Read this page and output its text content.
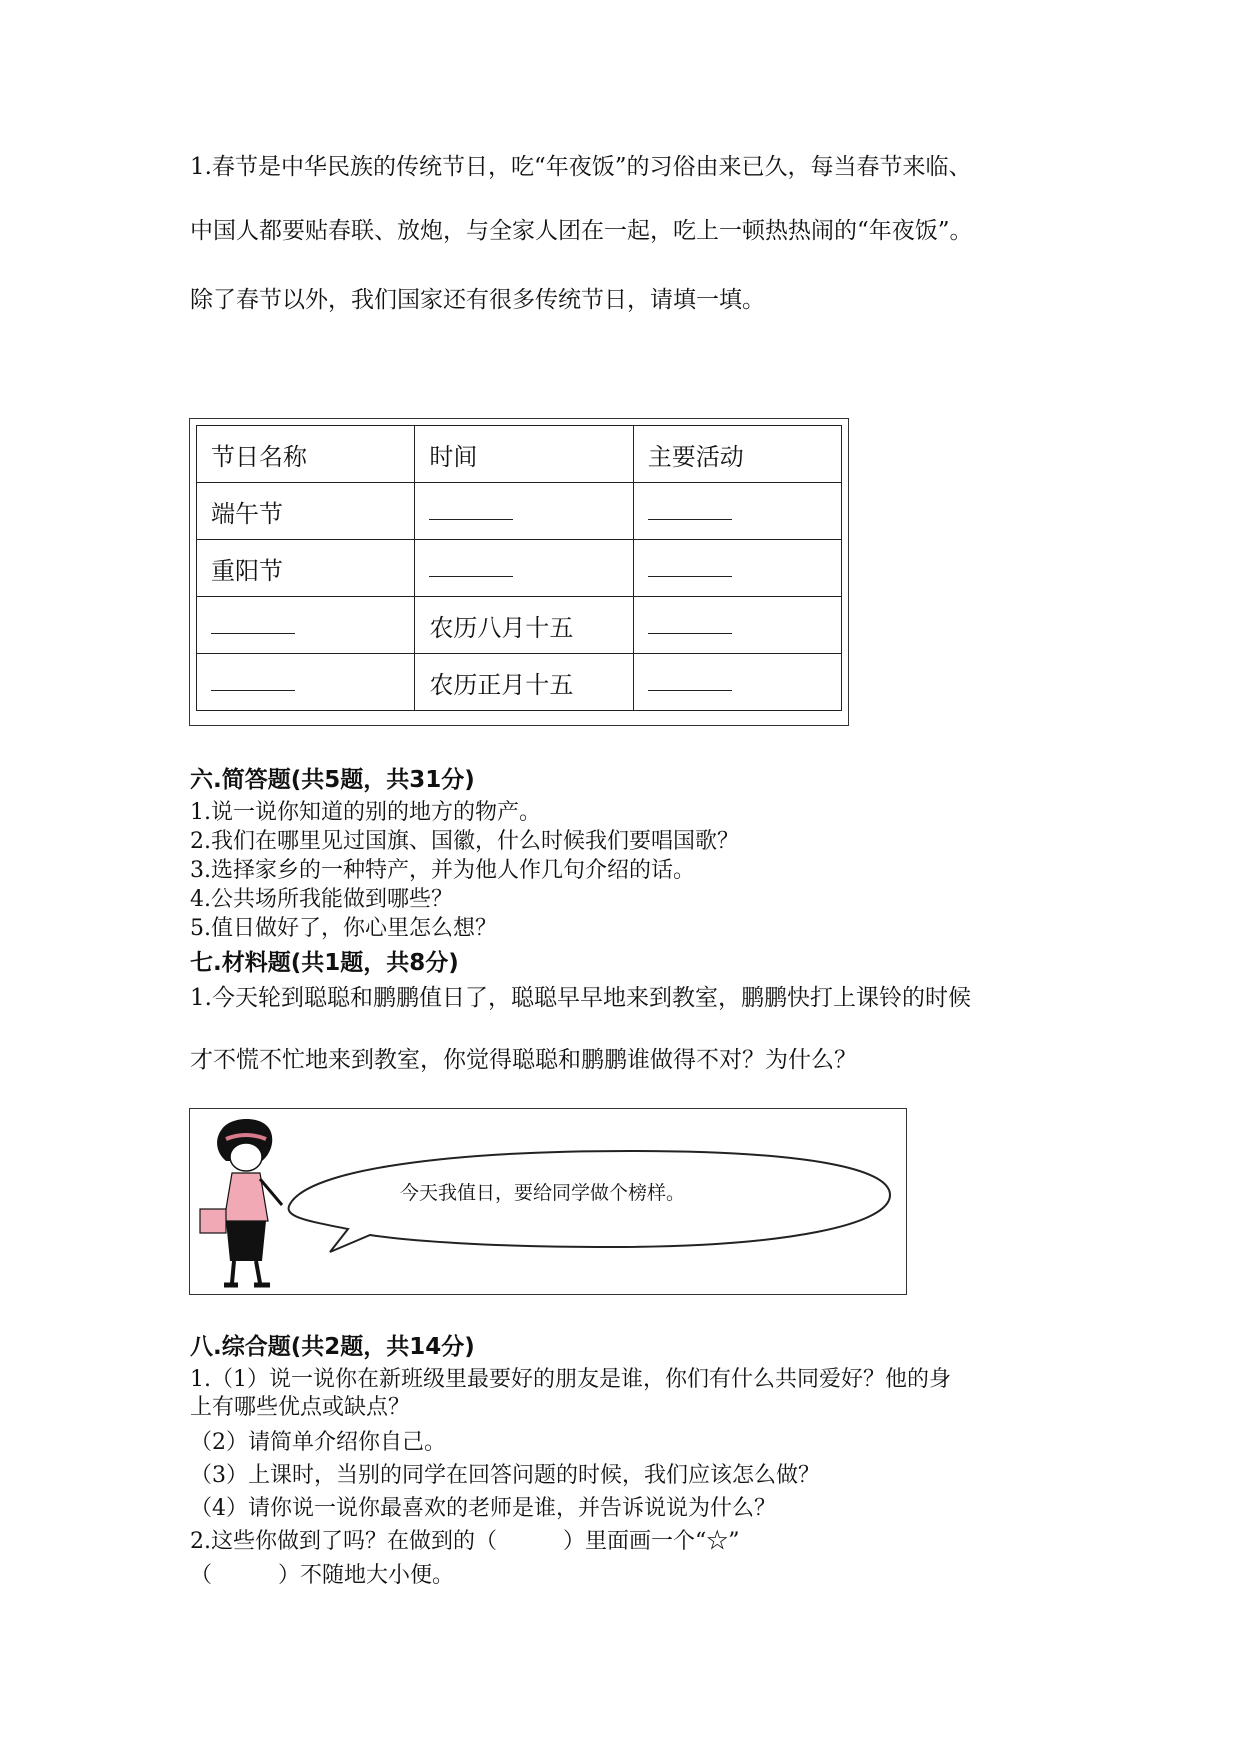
1.春节是中华民族的传统节日，吃“年夜饭”的习俗由来已久，每当春节来临、
中国人都要贴春联、放炮，与全家人团在一起，吃上一顿热热闹的“年夜饭”。
除了春节以外，我们国家还有很多传统节日，请填一填。
节日名称	时间	主要活动
端午节		
重阳节		
	农历八月十五	
	农历正月十五	
六.简答题(共5题，共31分)
1.说一说你知道的别的地方的物产。
2.我们在哪里见过国旗、国徽，什么时候我们要唱国歌？
3.选择家乡的一种特产，并为他人作几句介绍的话。
4.公共场所我能做到哪些？
5.值日做好了，你心里怎么想？
七.材料题(共1题，共8分)
1.今天轮到聪聪和鹏鹏值日了，聪聪早早地来到教室，鹏鹏快打上课铃的时候
才不慌不忙地来到教室，你觉得聪聪和鹏鹏谁做得不对？为什么？
今天我值日，要给同学做个榜样。
八.综合题(共2题，共14分)
1.（1）说一说你在新班级里最要好的朋友是谁，你们有什么共同爱好？他的身
上有哪些优点或缺点？
（2）请简单介绍你自己。
（3）上课时，当别的同学在回答问题的时候，我们应该怎么做？
（4）请你说一说你最喜欢的老师是谁，并告诉说说为什么？
2.这些你做到了吗？在做到的（　　　）里面画一个“☆”
（　　　）不随地大小便。
